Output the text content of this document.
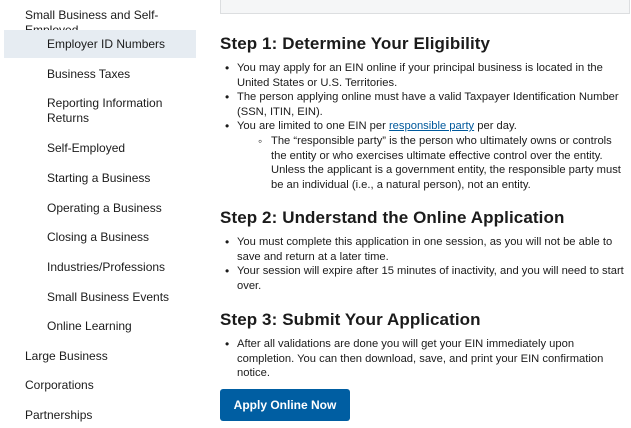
Small Business and Self-
Employer ID Numbers
Business Taxes
Reporting Information Returns
Self-Employed
Starting a Business
Operating a Business
Closing a Business
Industries/Professions
Small Business Events
Online Learning
Large Business
Corporations
Partnerships
Step 1: Determine Your Eligibility
• You may apply for an EIN online if your principal business is located in the United States or U.S. Territories.
• The person applying online must have a valid Taxpayer Identification Number (SSN, ITIN, EIN).
• You are limited to one EIN per responsible party per day.
◦ The “responsible party” is the person who ultimately owns or controls the entity or who exercises ultimate effective control over the entity. Unless the applicant is a government entity, the responsible party must be an individual (i.e., a natural person), not an entity.
Step 2: Understand the Online Application
• You must complete this application in one session, as you will not be able to save and return at a later time.
• Your session will expire after 15 minutes of inactivity, and you will need to start over.
Step 3: Submit Your Application
• After all validations are done you will get your EIN immediately upon completion. You can then download, save, and print your EIN confirmation notice.
Apply Online Now
